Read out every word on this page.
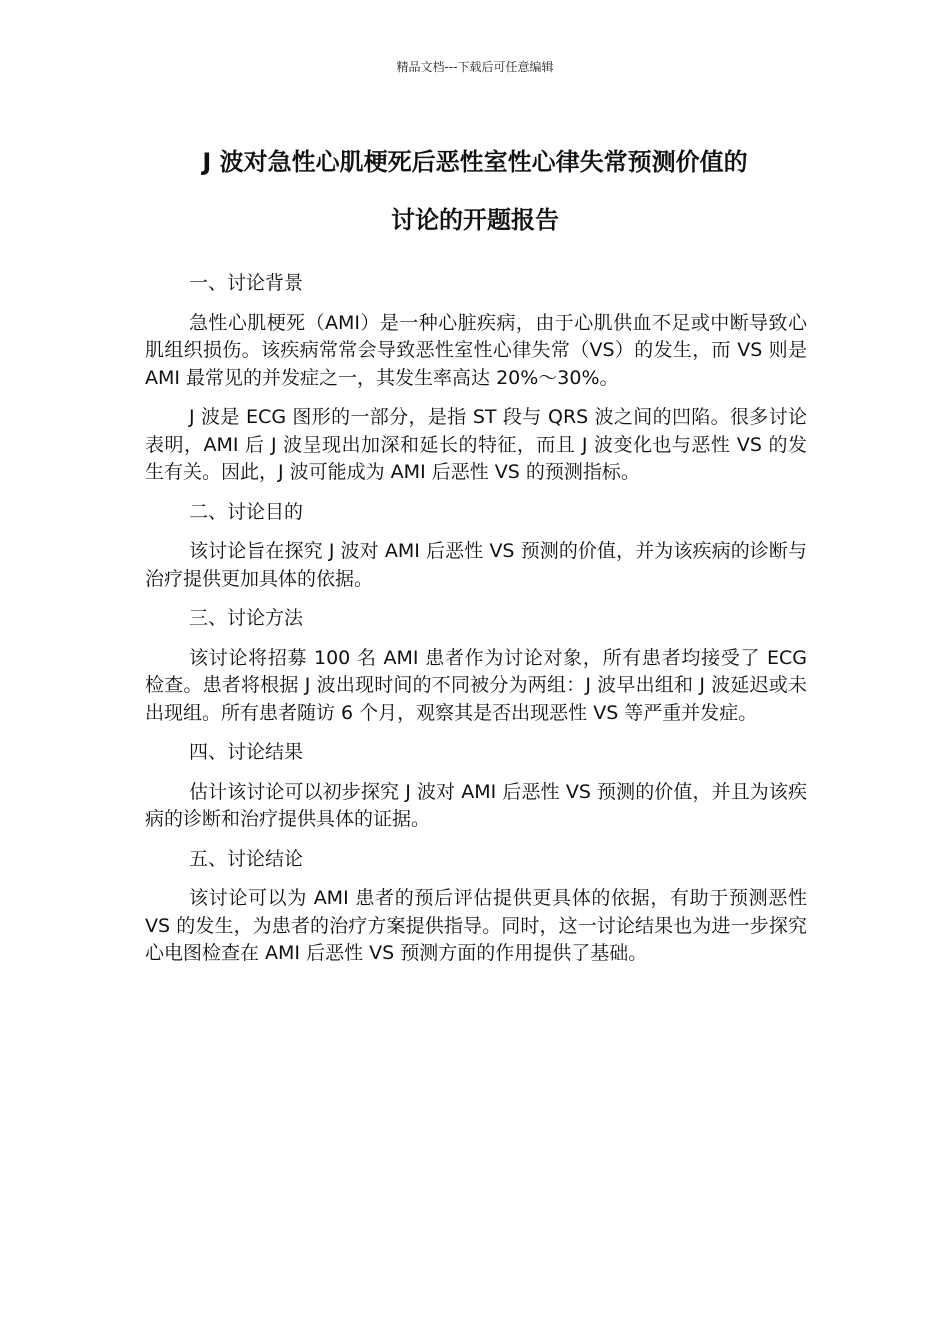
精品文档---下载后可任意编辑
J 波对急性心肌梗死后恶性室性心律失常预测价值的
讨论的开题报告

一、讨论背景

急性心肌梗死（AMI）是一种心脏疾病，由于心肌供血不足或中断导致心肌组织损伤。该疾病常常会导致恶性室性心律失常（VS）的发生，而 VS 则是 AMI 最常见的并发症之一，其发生率高达 20%～30%。

J 波是 ECG 图形的一部分，是指 ST 段与 QRS 波之间的凹陷。很多讨论表明，AMI 后 J 波呈现出加深和延长的特征，而且 J 波变化也与恶性 VS 的发生有关。因此，J 波可能成为 AMI 后恶性 VS 的预测指标。

二、讨论目的

该讨论旨在探究 J 波对 AMI 后恶性 VS 预测的价值，并为该疾病的诊断与治疗提供更加具体的依据。

三、讨论方法

该讨论将招募 100 名 AMI 患者作为讨论对象，所有患者均接受了 ECG 检查。患者将根据 J 波出现时间的不同被分为两组：J 波早出组和 J 波延迟或未出现组。所有患者随访 6 个月，观察其是否出现恶性 VS 等严重并发症。

四、讨论结果

估计该讨论可以初步探究 J 波对 AMI 后恶性 VS 预测的价值，并且为该疾病的诊断和治疗提供具体的证据。

五、讨论结论

该讨论可以为 AMI 患者的预后评估提供更具体的依据，有助于预测恶性 VS 的发生，为患者的治疗方案提供指导。同时，这一讨论结果也为进一步探究心电图检查在 AMI 后恶性 VS 预测方面的作用提供了基础。
